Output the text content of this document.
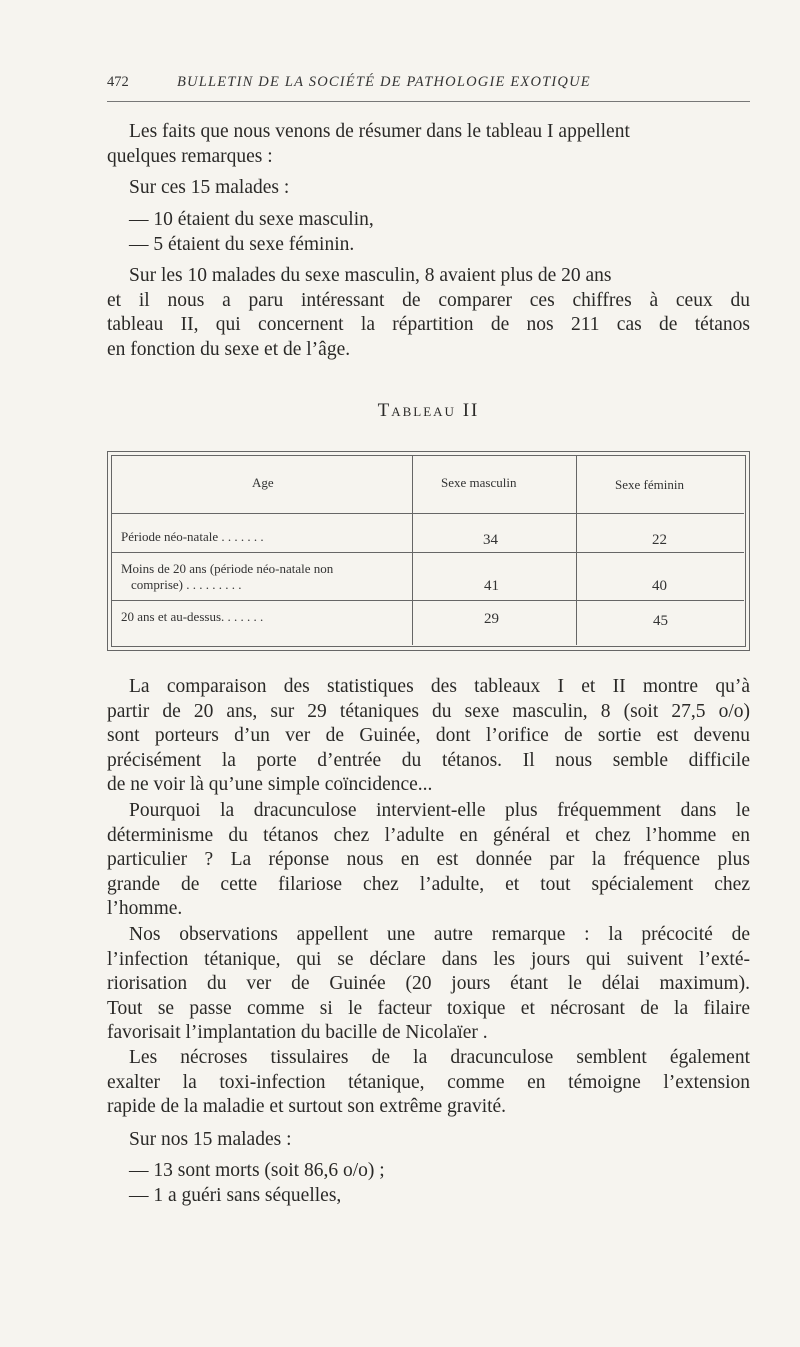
472	BULLETIN DE LA SOCIÉTÉ DE PATHOLOGIE EXOTIQUE
Les faits que nous venons de résumer dans le tableau I appellent
quelques remarques :
Sur ces 15 malades :
— 10 étaient du sexe masculin,
— 5 étaient du sexe féminin.
Sur les 10 malades du sexe masculin, 8 avaient plus de 20 ans
et il nous a paru intéressant de comparer ces chiffres à ceux du
tableau II, qui concernent la répartition de nos 211 cas de tétanos
en fonction du sexe et de l’âge.
Tableau II
Age	Sexe masculin	Sexe féminin
Période néo-natale . . . . . . .	34	22
Moins de 20 ans (période néo-natale non
comprise) . . . . . . . . .	41	40
20 ans et au-dessus. . . . . . .	29	45
La comparaison des statistiques des tableaux I et II montre qu’à
partir de 20 ans, sur 29 tétaniques du sexe masculin, 8 (soit 27,5 o/o)
sont porteurs d’un ver de Guinée, dont l’orifice de sortie est devenu
précisément la porte d’entrée du tétanos. Il nous semble difficile
de ne voir là qu’une simple coïncidence...
Pourquoi la dracunculose intervient-elle plus fréquemment dans le
déterminisme du tétanos chez l’adulte en général et chez l’homme en
particulier ? La réponse nous en est donnée par la fréquence plus
grande de cette filariose chez l’adulte, et tout spécialement chez
l’homme.
Nos observations appellent une autre remarque : la précocité de
l’infection tétanique, qui se déclare dans les jours qui suivent l’exté-
riorisation du ver de Guinée (20 jours étant le délai maximum).
Tout se passe comme si le facteur toxique et nécrosant de la filaire
favorisait l’implantation du bacille de Nicolaïer .
Les nécroses tissulaires de la dracunculose semblent également
exalter la toxi-infection tétanique, comme en témoigne l’extension
rapide de la maladie et surtout son extrême gravité.
Sur nos 15 malades :
— 13 sont morts (soit 86,6 o/o) ;
— 1 a guéri sans séquelles,
